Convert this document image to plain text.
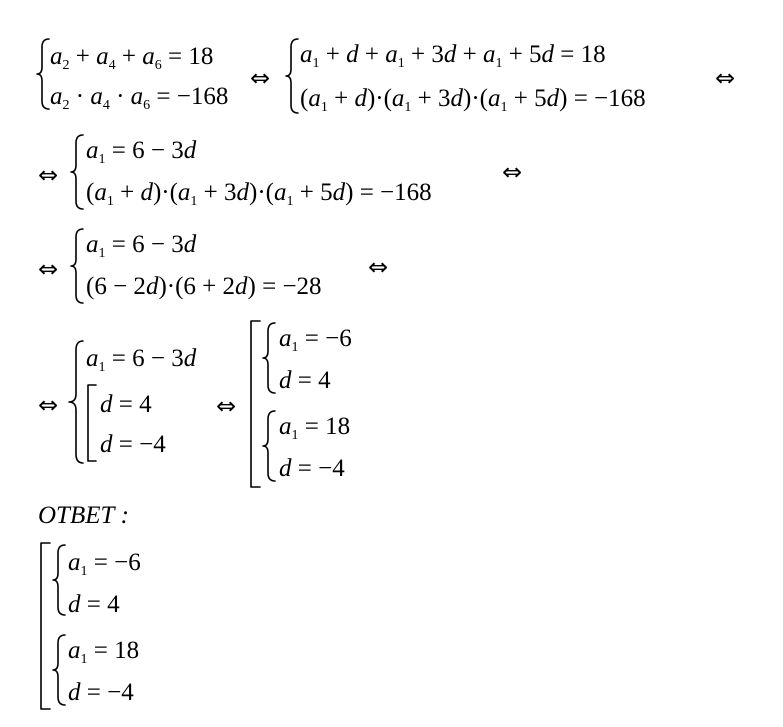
$a_2 + a_4 + a_6 = 18$
$a_2 \cdot a_4 \cdot a_6 = -168$
⇔
$a_1 + d + a_1 + 3d + a_1 + 5d = 18$
$(a_1 + d)\cdot(a_1 + 3d)\cdot(a_1 + 5d) = -168$
⇔
⇔
$a_1 = 6 - 3d$
$(a_1 + d)\cdot(a_1 + 3d)\cdot(a_1 + 5d) = -168$
⇔
⇔
$a_1 = 6 - 3d$
(6 − 2d)·(6 + 2d) = −28
⇔
⇔
$a_1 = 6 - 3d$
d = 4
d = −4
⇔
$a_1 = -6$
d = 4
$a_1 = 18$
d = −4
ОТВЕТ :
$a_1 = -6$
d = 4
$a_1 = 18$
d = −4
